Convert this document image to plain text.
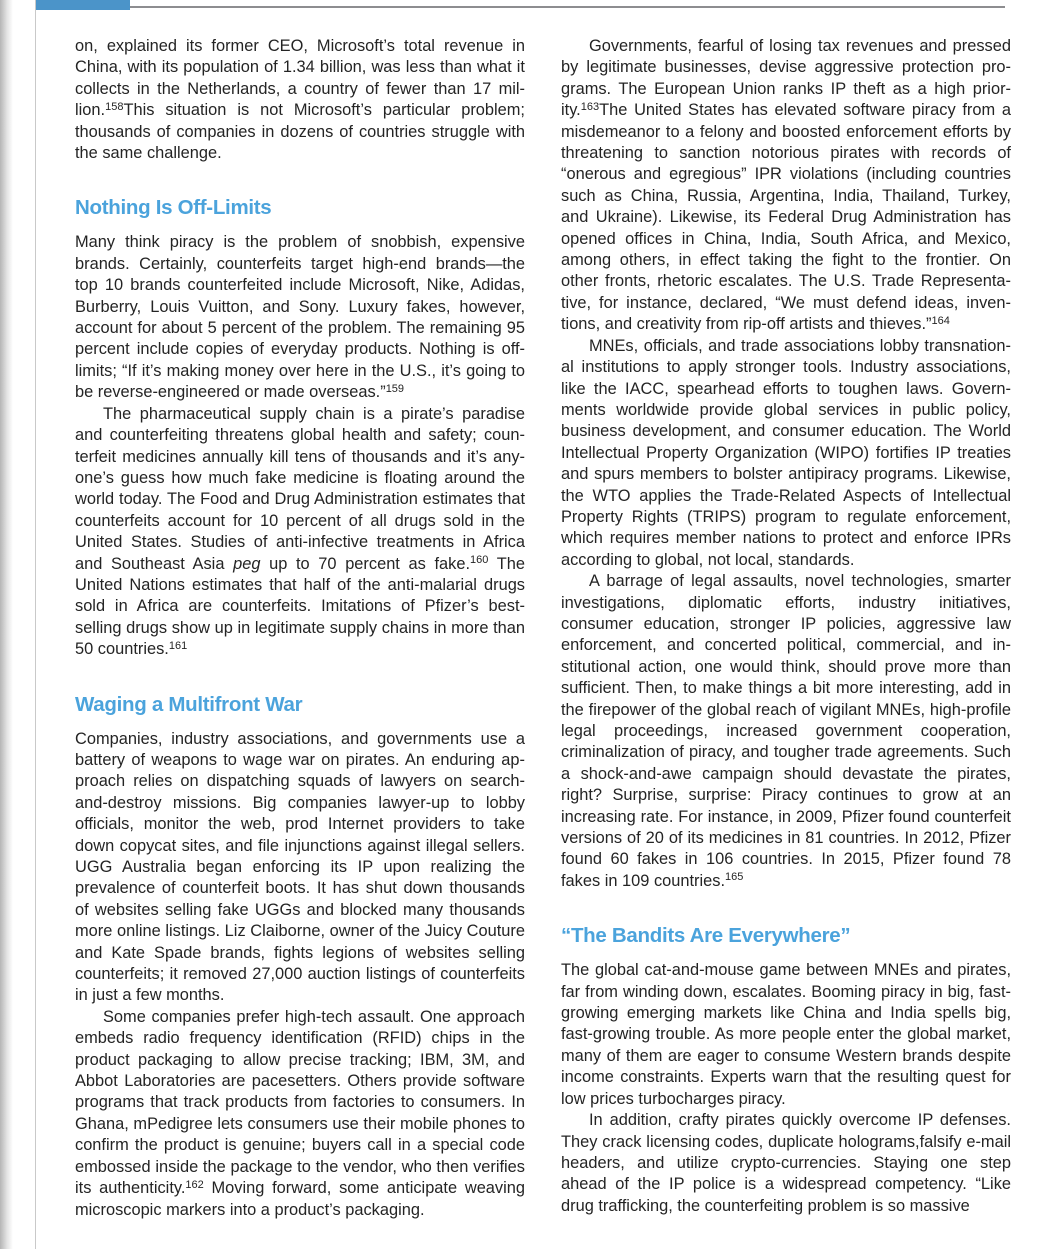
on, explained its former CEO, Microsoft’s total revenue in China, with its population of 1.34 billion, was less than what it collects in the Netherlands, a country of fewer than 17 million.$^{158}$This situation is not Microsoft’s particular problem; thousands of companies in dozens of countries struggle with the same challenge.

Nothing Is Off-Limits

Many think piracy is the problem of snobbish, expensive brands. Certainly, counterfeits target high-end brands—the top 10 brands counterfeited include Microsoft, Nike, Adidas, Burberry, Louis Vuitton, and Sony. Luxury fakes, however, account for about 5 percent of the problem. The remaining 95 percent include copies of everyday products. Nothing is off-limits; “If it’s making money over here in the U.S., it’s going to be reverse-engineered or made overseas.”$^{159}$

The pharmaceutical supply chain is a pirate’s paradise and counterfeiting threatens global health and safety; counterfeit medicines annually kill tens of thousands and it’s anyone’s guess how much fake medicine is floating around the world today. The Food and Drug Administration estimates that counterfeits account for 10 percent of all drugs sold in the United States. Studies of anti-infective treatments in Africa and Southeast Asia peg up to 70 percent as fake.$^{160}$ The United Nations estimates that half of the anti-malarial drugs sold in Africa are counterfeits. Imitations of Pfizer’s best-selling drugs show up in legitimate supply chains in more than 50 countries.$^{161}$

Waging a Multifront War

Companies, industry associations, and governments use a battery of weapons to wage war on pirates. An enduring approach relies on dispatching squads of lawyers on search-and-destroy missions. Big companies lawyer-up to lobby officials, monitor the web, prod Internet providers to take down copycat sites, and file injunctions against illegal sellers. UGG Australia began enforcing its IP upon realizing the prevalence of counterfeit boots. It has shut down thousands of websites selling fake UGGs and blocked many thousands more online listings. Liz Claiborne, owner of the Juicy Couture and Kate Spade brands, fights legions of websites selling counterfeits; it removed 27,000 auction listings of counterfeits in just a few months.

Some companies prefer high-tech assault. One approach embeds radio frequency identification (RFID) chips in the product packaging to allow precise tracking; IBM, 3M, and Abbot Laboratories are pacesetters. Others provide software programs that track products from factories to consumers. In Ghana, mPedigree lets consumers use their mobile phones to confirm the product is genuine; buyers call in a special code embossed inside the package to the vendor, who then verifies its authenticity.$^{162}$ Moving forward, some anticipate weaving microscopic markers into a product’s packaging.

Governments, fearful of losing tax revenues and pressed by legitimate businesses, devise aggressive protection programs. The European Union ranks IP theft as a high priority.$^{163}$The United States has elevated software piracy from a misdemeanor to a felony and boosted enforcement efforts by threatening to sanction notorious pirates with records of “onerous and egregious” IPR violations (including countries such as China, Russia, Argentina, India, Thailand, Turkey, and Ukraine). Likewise, its Federal Drug Administration has opened offices in China, India, South Africa, and Mexico, among others, in effect taking the fight to the frontier. On other fronts, rhetoric escalates. The U.S. Trade Representative, for instance, declared, “We must defend ideas, inventions, and creativity from rip-off artists and thieves.”$^{164}$

MNEs, officials, and trade associations lobby transnational institutions to apply stronger tools. Industry associations, like the IACC, spearhead efforts to toughen laws. Governments worldwide provide global services in public policy, business development, and consumer education. The World Intellectual Property Organization (WIPO) fortifies IP treaties and spurs members to bolster antipiracy programs. Likewise, the WTO applies the Trade-Related Aspects of Intellectual Property Rights (TRIPS) program to regulate enforcement, which requires member nations to protect and enforce IPRs according to global, not local, standards.

A barrage of legal assaults, novel technologies, smarter investigations, diplomatic efforts, industry initiatives, consumer education, stronger IP policies, aggressive law enforcement, and concerted political, commercial, and institutional action, one would think, should prove more than sufficient. Then, to make things a bit more interesting, add in the firepower of the global reach of vigilant MNEs, high-profile legal proceedings, increased government cooperation, criminalization of piracy, and tougher trade agreements. Such a shock-and-awe campaign should devastate the pirates, right? Surprise, surprise: Piracy continues to grow at an increasing rate. For instance, in 2009, Pfizer found counterfeit versions of 20 of its medicines in 81 countries. In 2012, Pfizer found 60 fakes in 106 countries. In 2015, Pfizer found 78 fakes in 109 countries.$^{165}$

“The Bandits Are Everywhere”

The global cat-and-mouse game between MNEs and pirates, far from winding down, escalates. Booming piracy in big, fast-growing emerging markets like China and India spells big, fast-growing trouble. As more people enter the global market, many of them are eager to consume Western brands despite income constraints. Experts warn that the resulting quest for low prices turbocharges piracy.

In addition, crafty pirates quickly overcome IP defenses. They crack licensing codes, duplicate holograms,falsify e-mail headers, and utilize crypto-currencies. Staying one step ahead of the IP police is a widespread competency. “Like drug trafficking, the counterfeiting problem is so massive
